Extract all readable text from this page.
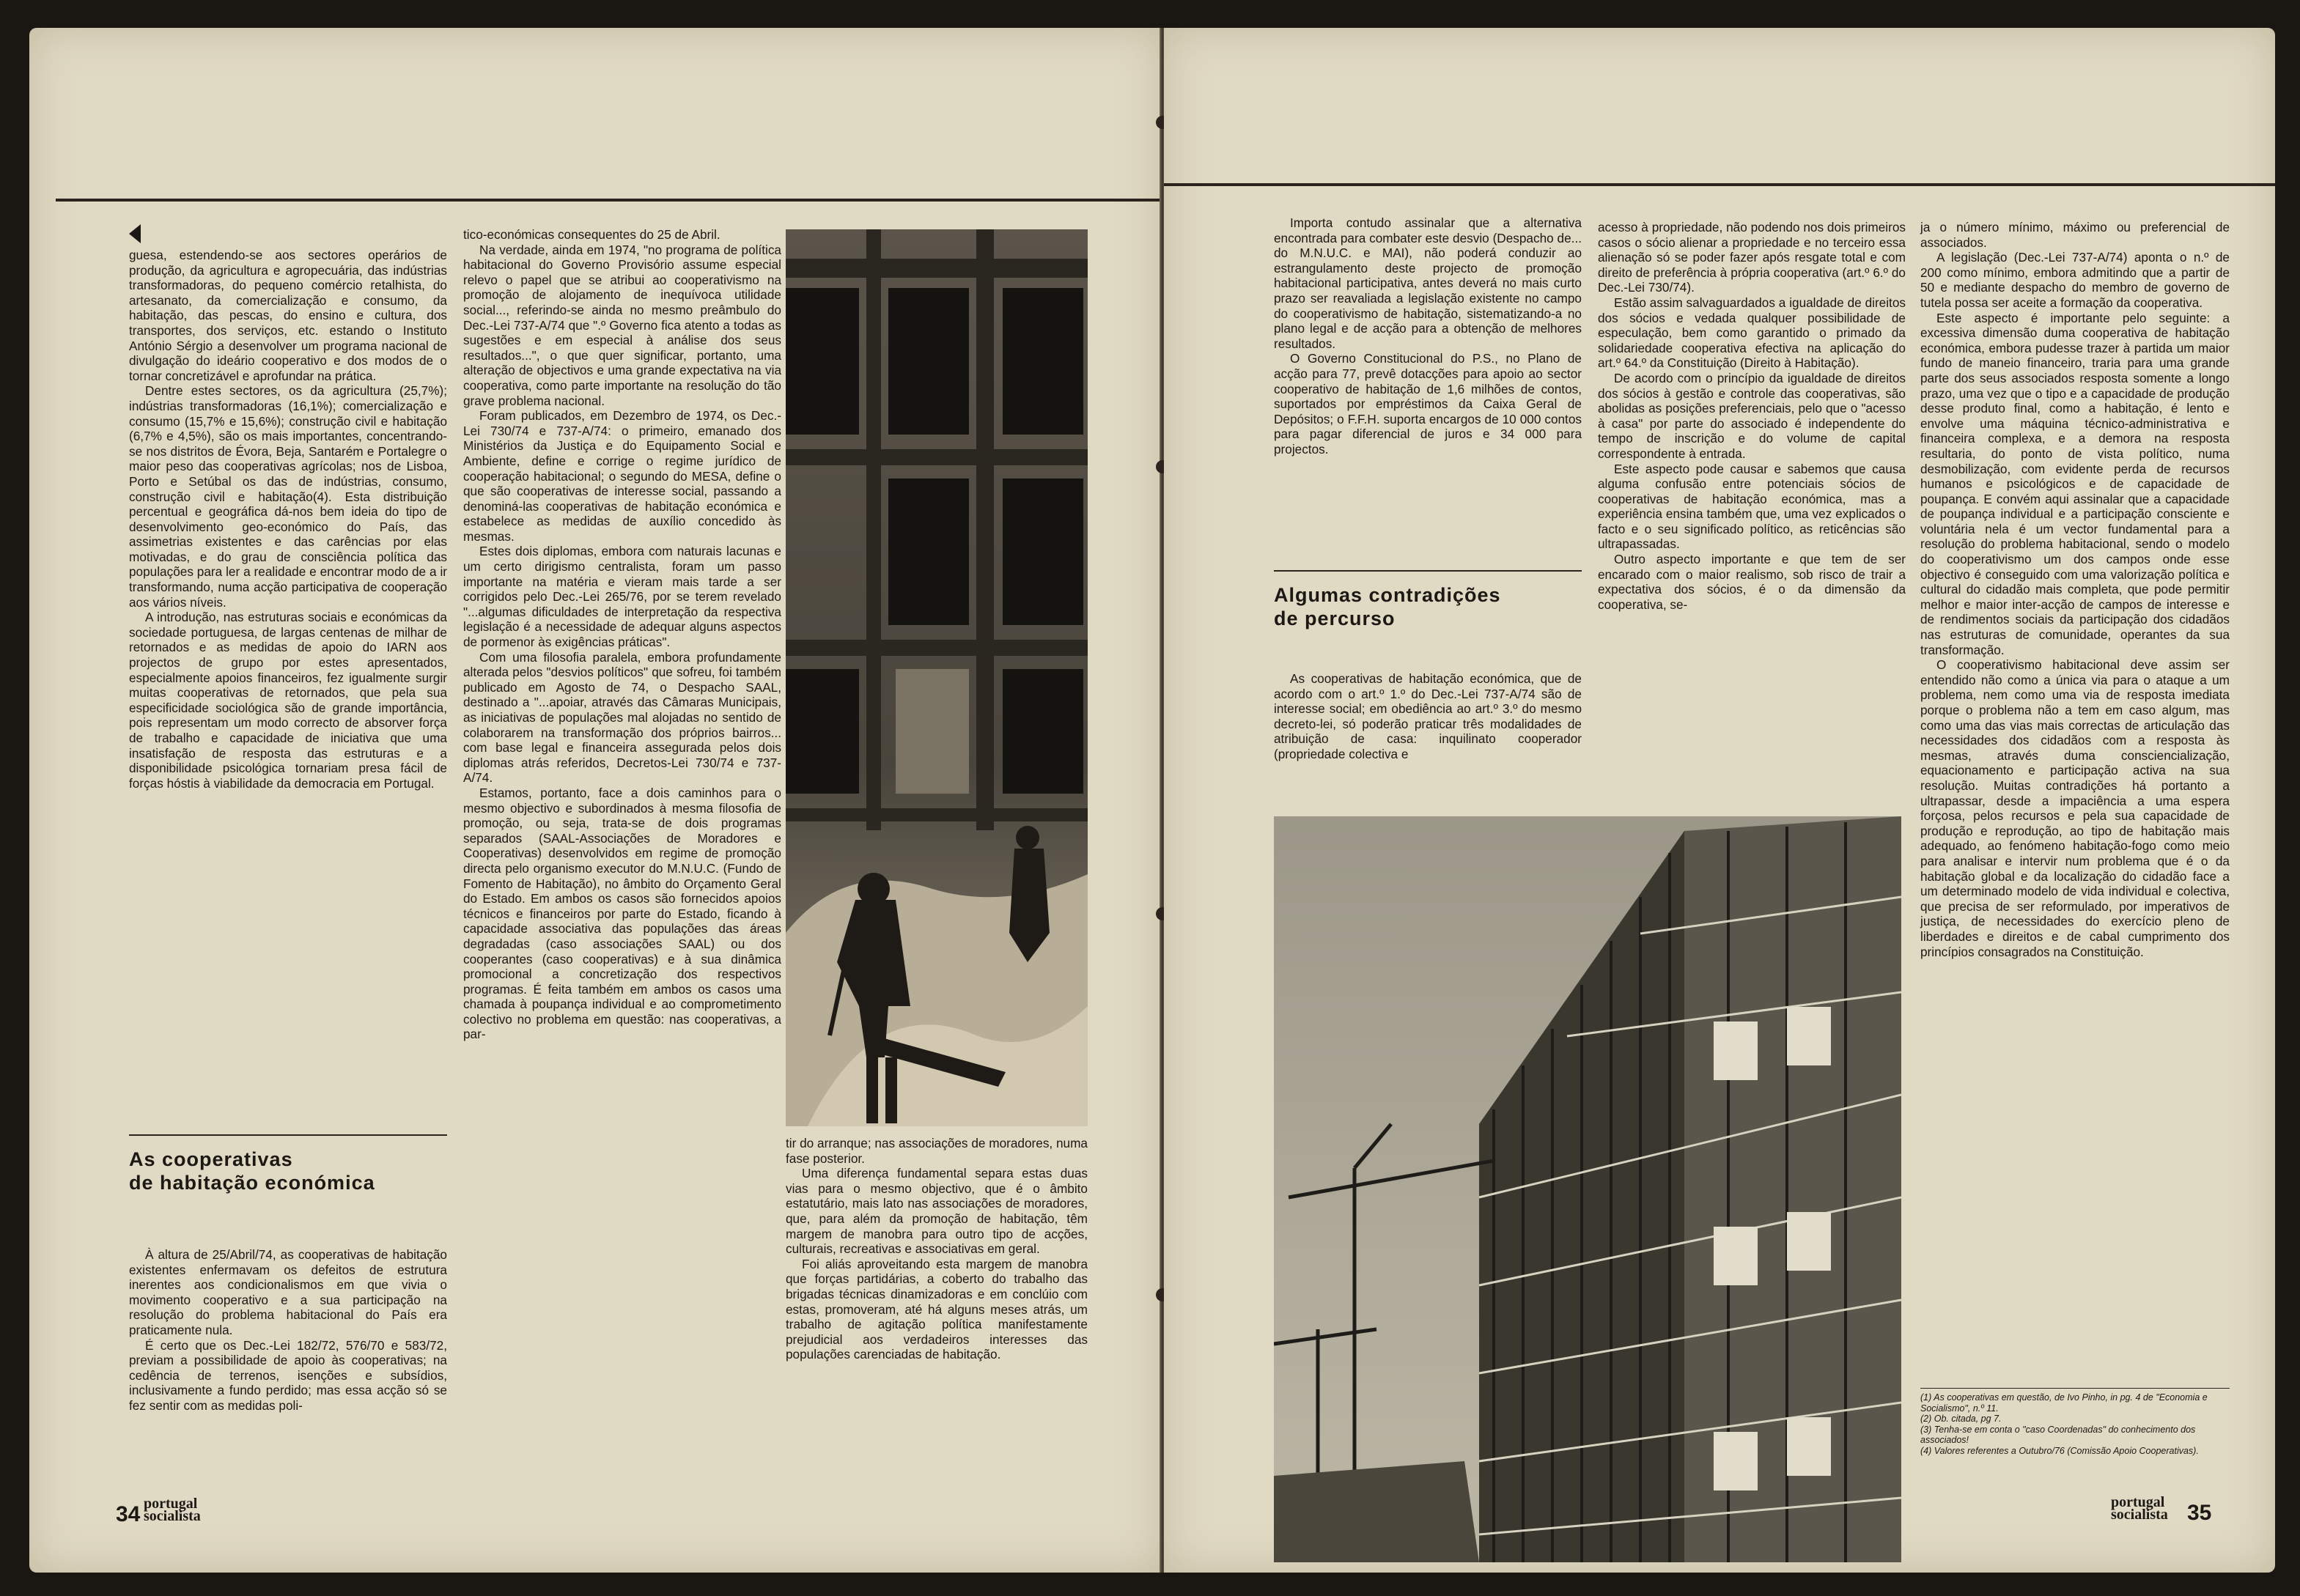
guesa, estendendo-se aos sectores operários de produção, da agricultura e agropecuária, das indústrias transformadoras, do pequeno comércio retalhista, do artesanato, da comercialização e consumo, da habitação, das pescas, do ensino e cultura, dos transportes, dos serviços, etc. estando o Instituto António Sérgio a desenvolver um programa nacional de divulgação do ideário cooperativo e dos modos de o tornar concretizável e aprofundar na prática.

Dentre estes sectores, os da agricultura (25,7%); indústrias transformadoras (16,1%); comercialização e consumo (15,7% e 15,6%); construção civil e habitação (6,7% e 4,5%), são os mais importantes, concentrando-se nos distritos de Évora, Beja, Santarém e Portalegre o maior peso das cooperativas agrícolas; nos de Lisboa, Porto e Setúbal os das de indústrias, consumo, construção civil e habitação(4). Esta distribuição percentual e geográfica dá-nos bem ideia do tipo de desenvolvimento geo-económico do País, das assimetrias existentes e das carências por elas motivadas, e do grau de consciência política das populações para ler a realidade e encontrar modo de a ir transformando, numa acção participativa de cooperação aos vários níveis.

A introdução, nas estruturas sociais e económicas da sociedade portuguesa, de largas centenas de milhar de retornados e as medidas de apoio do IARN aos projectos de grupo por estes apresentados, especialmente apoios financeiros, fez igualmente surgir muitas cooperativas de retornados, que pela sua especificidade sociológica são de grande importância, pois representam um modo correcto de absorver força de trabalho e capacidade de iniciativa que uma insatisfação de resposta das estruturas e a disponibilidade psicológica tornariam presa fácil de forças hóstis à viabilidade da democracia em Portugal.

As cooperativas
de habitação económica

À altura de 25/Abril/74, as cooperativas de habitação existentes enfermavam os defeitos de estrutura inerentes aos condicionalismos em que vivia o movimento cooperativo e a sua participação na resolução do problema habitacional do País era praticamente nula.

É certo que os Dec.-Lei 182/72, 576/70 e 583/72, previam a possibilidade de apoio às cooperativas; na cedência de terrenos, isenções e subsídios, inclusivamente a fundo perdido; mas essa acção só se fez sentir com as medidas poli-

tico-económicas consequentes do 25 de Abril.

Na verdade, ainda em 1974, "no programa de política habitacional do Governo Provisório assume especial relevo o papel que se atribui ao cooperativismo na promoção de alojamento de inequívoca utilidade social..., referindo-se ainda no mesmo preâmbulo do Dec.-Lei 737-A/74 que ".º Governo fica atento a todas as sugestões e em especial à análise dos seus resultados...", o que quer significar, portanto, uma alteração de objectivos e uma grande expectativa na via cooperativa, como parte importante na resolução do tão grave problema nacional.

Foram publicados, em Dezembro de 1974, os Dec.-Lei 730/74 e 737-A/74: o primeiro, emanado dos Ministérios da Justiça e do Equipamento Social e Ambiente, define e corrige o regime jurídico de cooperação habitacional; o segundo do MESA, define o que são cooperativas de interesse social, passando a denominá-las cooperativas de habitação económica e estabelece as medidas de auxílio concedido às mesmas.

Estes dois diplomas, embora com naturais lacunas e um certo dirigismo centralista, foram um passo importante na matéria e vieram mais tarde a ser corrigidos pelo Dec.-Lei 265/76, por se terem revelado "...algumas dificuldades de interpretação da respectiva legislação é a necessidade de adequar alguns aspectos de pormenor às exigências práticas".

Com uma filosofia paralela, embora profundamente alterada pelos "desvios políticos" que sofreu, foi também publicado em Agosto de 74, o Despacho SAAL, destinado a "...apoiar, através das Câmaras Municipais, as iniciativas de populações mal alojadas no sentido de colaborarem na transformação dos próprios bairros... com base legal e financeira assegurada pelos dois diplomas atrás referidos, Decretos-Lei 730/74 e 737-A/74.

Estamos, portanto, face a dois caminhos para o mesmo objectivo e subordinados à mesma filosofia de promoção, ou seja, trata-se de dois programas separados (SAAL-Associações de Moradores e Cooperativas) desenvolvidos em regime de promoção directa pelo organismo executor do M.N.U.C. (Fundo de Fomento de Habitação), no âmbito do Orçamento Geral do Estado. Em ambos os casos são fornecidos apoios técnicos e financeiros por parte do Estado, ficando à capacidade associativa das populações das áreas degradadas (caso associações SAAL) ou dos cooperantes (caso cooperativas) e à sua dinâmica promocional a concretização dos respectivos programas. É feita também em ambos os casos uma chamada à poupança individual e ao comprometimento colectivo no problema em questão: nas cooperativas, a par-

tir do arranque; nas associações de moradores, numa fase posterior.

Uma diferença fundamental separa estas duas vias para o mesmo objectivo, que é o âmbito estatutário, mais lato nas associações de moradores, que, para além da promoção de habitação, têm margem de manobra para outro tipo de acções, culturais, recreativas e associativas em geral.

Foi aliás aproveitando esta margem de manobra que forças partidárias, a coberto do trabalho das brigadas técnicas dinamizadoras e em conclúio com estas, promoveram, até há alguns meses atrás, um trabalho de agitação política manifestamente prejudicial aos verdadeiros interesses das populações carenciadas de habitação.

34 portugal
socialista

Importa contudo assinalar que a alternativa encontrada para combater este desvio (Despacho de... do M.N.U.C. e MAI), não poderá conduzir ao estrangulamento deste projecto de promoção habitacional participativa, antes deverá no mais curto prazo ser reavaliada a legislação existente no campo do cooperativismo de habitação, sistematizando-a no plano legal e de acção para a obtenção de melhores resultados.

O Governo Constitucional do P.S., no Plano de acção para 77, prevê dotacções para apoio ao sector cooperativo de habitação de 1,6 milhões de contos, suportados por empréstimos da Caixa Geral de Depósitos; o F.F.H. suporta encargos de 10 000 contos para pagar diferencial de juros e 34 000 para projectos.

Algumas contradições
de percurso

As cooperativas de habitação económica, que de acordo com o art.º 1.º do Dec.-Lei 737-A/74 são de interesse social; em obediência ao art.º 3.º do mesmo decreto-lei, só poderão praticar três modalidades de atribuição de casa: inquilinato cooperador (propriedade colectiva e

acesso à propriedade, não podendo nos dois primeiros casos o sócio alienar a propriedade e no terceiro essa alienação só se poder fazer após resgate total e com direito de preferência à própria cooperativa (art.º 6.º do Dec.-Lei 730/74).

Estão assim salvaguardados a igualdade de direitos dos sócios e vedada qualquer possibilidade de especulação, bem como garantido o primado da solidariedade cooperativa efectiva na aplicação do art.º 64.º da Constituição (Direito à Habitação).

De acordo com o princípio da igualdade de direitos dos sócios à gestão e controle das cooperativas, são abolidas as posições preferenciais, pelo que o "acesso à casa" por parte do associado é independente do tempo de inscrição e do volume de capital correspondente à entrada.

Este aspecto pode causar e sabemos que causa alguma confusão entre potenciais sócios de cooperativas de habitação económica, mas a experiência ensina também que, uma vez explicados o facto e o seu significado político, as reticências são ultrapassadas.

Outro aspecto importante e que tem de ser encarado com o maior realismo, sob risco de trair a expectativa dos sócios, é o da dimensão da cooperativa, se-

ja o número mínimo, máximo ou preferencial de associados.

A legislação (Dec.-Lei 737-A/74) aponta o n.º de 200 como mínimo, embora admitindo que a partir de 50 e mediante despacho do membro de governo de tutela possa ser aceite a formação da cooperativa.

Este aspecto é importante pelo seguinte: a excessiva dimensão duma cooperativa de habitação económica, embora pudesse trazer à partida um maior fundo de maneio financeiro, traria para uma grande parte dos seus associados resposta somente a longo prazo, uma vez que o tipo e a capacidade de produção desse produto final, como a habitação, é lento e envolve uma máquina técnico-administrativa e financeira complexa, e a demora na resposta resultaria, do ponto de vista político, numa desmobilização, com evidente perda de recursos humanos e psicológicos e de capacidade de poupança. E convém aqui assinalar que a capacidade de poupança individual e a participação consciente e voluntária nela é um vector fundamental para a resolução do problema habitacional, sendo o modelo do cooperativismo um dos campos onde esse objectivo é conseguido com uma valorização política e cultural do cidadão mais completa, que pode permitir melhor e maior inter-acção de campos de interesse e de rendimentos sociais da participação dos cidadãos nas estruturas de comunidade, operantes da sua transformação.

O cooperativismo habitacional deve assim ser entendido não como a única via para o ataque a um problema, nem como uma via de resposta imediata porque o problema não a tem em caso algum, mas como uma das vias mais correctas de articulação das necessidades dos cidadãos com a resposta às mesmas, através duma consciencialização, equacionamento e participação activa na sua resolução. Muitas contradições há portanto a ultrapassar, desde a impaciência a uma espera forçosa, pelos recursos e pela sua capacidade de produção e reprodução, ao tipo de habitação mais adequado, ao fenómeno habitação-fogo como meio para analisar e intervir num problema que é o da habitação global e da localização do cidadão face a um determinado modelo de vida individual e colectiva, que precisa de ser reformulado, por imperativos de justiça, de necessidades do exercício pleno de liberdades e direitos e de cabal cumprimento dos princípios consagrados na Constituição.

(1) As cooperativas em questão, de Ivo Pinho, in pg. 4 de "Economia e Socialismo", n.º 11.
(2) Ob. citada, pg 7.
(3) Tenha-se em conta o "caso Coordenadas" do conhecimento dos associados!
(4) Valores referentes a Outubro/76 (Comissão Apoio Cooperativas).
portugal
socialista 35
